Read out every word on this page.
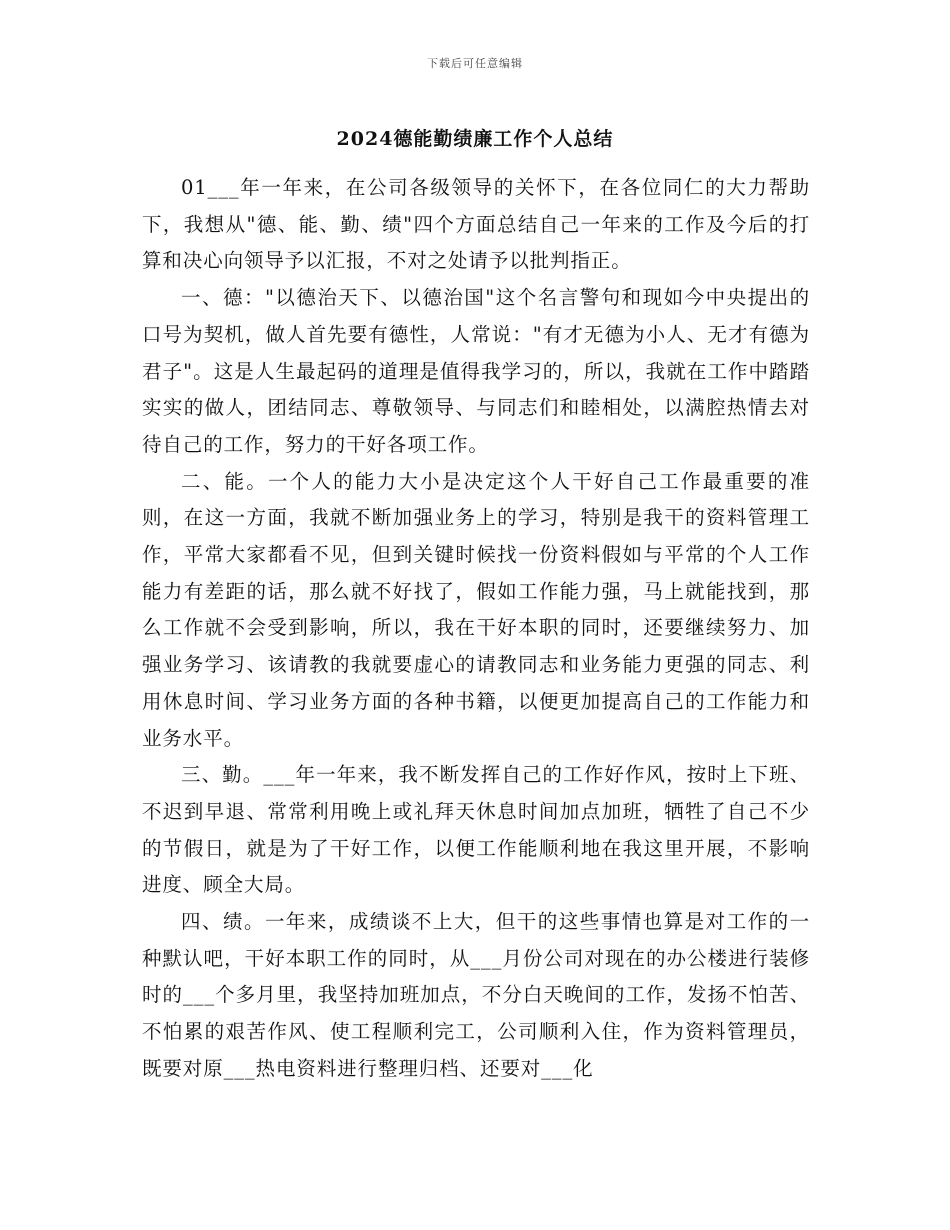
下载后可任意编辑
2024德能勤绩廉工作个人总结

01___年一年来，在公司各级领导的关怀下，在各位同仁的大力帮助下，我想从"德、能、勤、绩"四个方面总结自己一年来的工作及今后的打算和决心向领导予以汇报，不对之处请予以批判指正。

一、德："以德治天下、以德治国"这个名言警句和现如今中央提出的口号为契机，做人首先要有德性，人常说："有才无德为小人、无才有德为君子"。这是人生最起码的道理是值得我学习的，所以，我就在工作中踏踏实实的做人，团结同志、尊敬领导、与同志们和睦相处，以满腔热情去对待自己的工作，努力的干好各项工作。

二、能。一个人的能力大小是决定这个人干好自己工作最重要的准则，在这一方面，我就不断加强业务上的学习，特别是我干的资料管理工作，平常大家都看不见，但到关键时候找一份资料假如与平常的个人工作能力有差距的话，那么就不好找了，假如工作能力强，马上就能找到，那么工作就不会受到影响，所以，我在干好本职的同时，还要继续努力、加强业务学习、该请教的我就要虚心的请教同志和业务能力更强的同志、利用休息时间、学习业务方面的各种书籍，以便更加提高自己的工作能力和业务水平。

三、勤。___年一年来，我不断发挥自己的工作好作风，按时上下班、不迟到早退、常常利用晚上或礼拜天休息时间加点加班，牺牲了自己不少的节假日，就是为了干好工作，以便工作能顺利地在我这里开展，不影响进度、顾全大局。

四、绩。一年来，成绩谈不上大，但干的这些事情也算是对工作的一种默认吧，干好本职工作的同时，从___月份公司对现在的办公楼进行装修时的___个多月里，我坚持加班加点，不分白天晚间的工作，发扬不怕苦、不怕累的艰苦作风、使工程顺利完工，公司顺利入住，作为资料管理员，既要对原___热电资料进行整理归档、还要对___化
